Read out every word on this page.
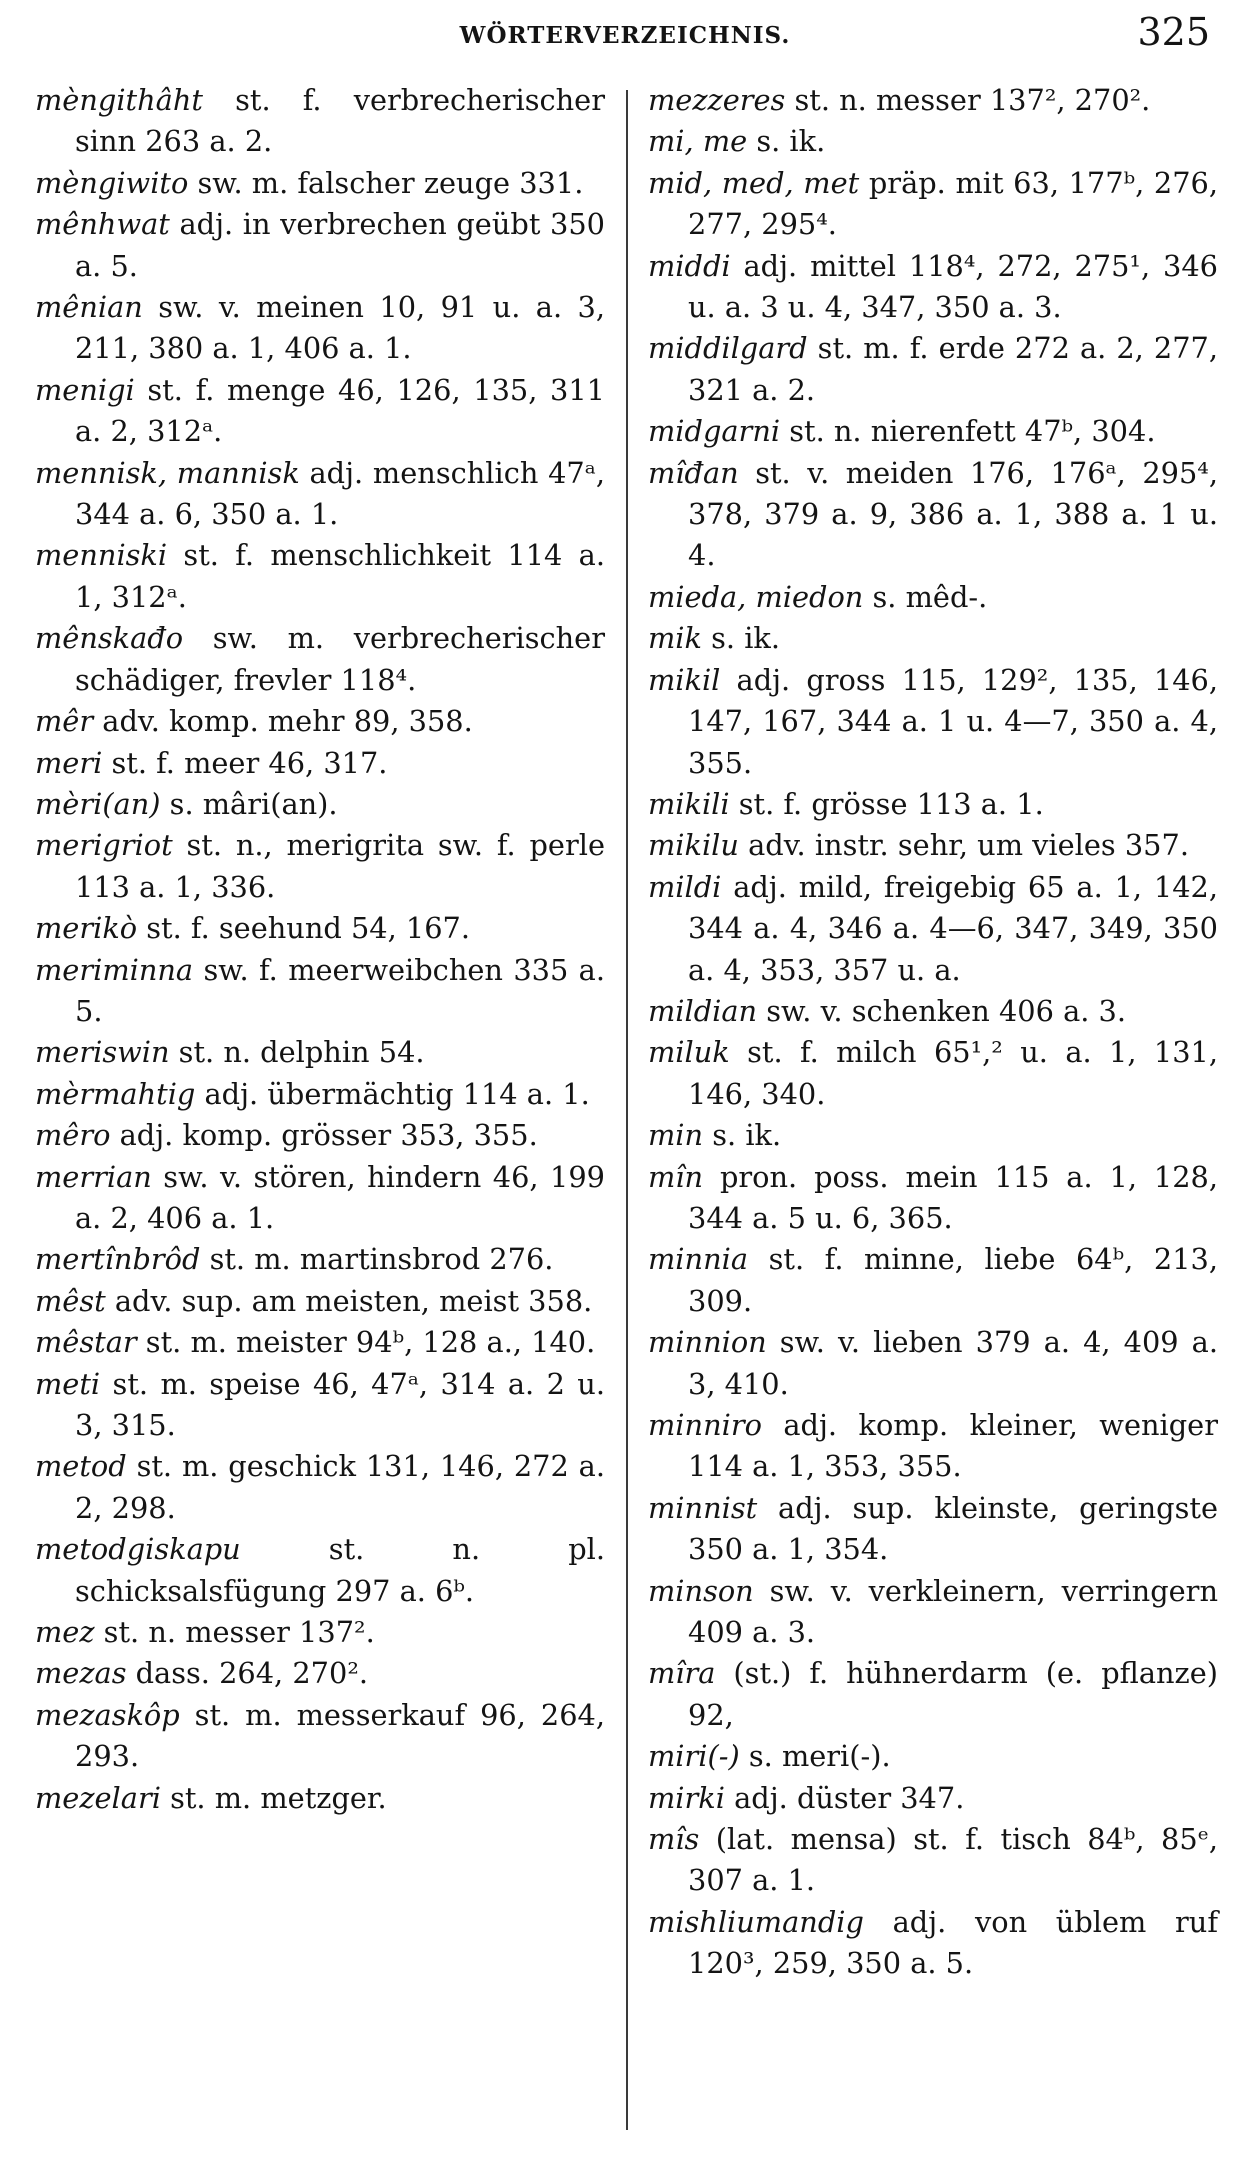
WÖRTERVERZEICHNIS.	325

mèngithâht st. f. verbrecherischer sinn 263 a. 2.

mèngiwito sw. m. falscher zeuge 331.

mênhwat adj. in verbrechen geübt 350 a. 5.

mênian sw. v. meinen 10, 91 u. a. 3, 211, 380 a. 1, 406 a. 1.

menigi st. f. menge 46, 126, 135, 311 a. 2, 312ᵃ.

mennisk, mannisk adj. menschlich 47ᵃ, 344 a. 6, 350 a. 1.

menniski st. f. menschlichkeit 114 a. 1, 312ᵃ.

mênskađo sw. m. verbrecherischer schädiger, frevler 118⁴.

mêr adv. komp. mehr 89, 358.

meri st. f. meer 46, 317.

mèri(an) s. mâri(an).

merigriot st. n., merigrita sw. f. perle 113 a. 1, 336.

merikò st. f. seehund 54, 167.

meriminna sw. f. meerweibchen 335 a. 5.

meriswin st. n. delphin 54.

mèrmahtig adj. übermächtig 114 a. 1.

mêro adj. komp. grösser 353, 355.

merrian sw. v. stören, hindern 46, 199 a. 2, 406 a. 1.

mertînbrôd st. m. martinsbrod 276.

mêst adv. sup. am meisten, meist 358.

mêstar st. m. meister 94ᵇ, 128 a., 140.

meti st. m. speise 46, 47ᵃ, 314 a. 2 u. 3, 315.

metod st. m. geschick 131, 146, 272 a. 2, 298.

metodgiskapu st. n. pl. schicksalsfügung 297 a. 6ᵇ.

mez st. n. messer 137².

mezas dass. 264, 270².

mezaskôp st. m. messerkauf 96, 264, 293.

mezelari st. m. metzger.

mezzeres st. n. messer 137², 270².

mi, me s. ik.

mid, med, met präp. mit 63, 177ᵇ, 276, 277, 295⁴.

middi adj. mittel 118⁴, 272, 275¹, 346 u. a. 3 u. 4, 347, 350 a. 3.

middilgard st. m. f. erde 272 a. 2, 277, 321 a. 2.

midgarni st. n. nierenfett 47ᵇ, 304.

mîđan st. v. meiden 176, 176ᵃ, 295⁴, 378, 379 a. 9, 386 a. 1, 388 a. 1 u. 4.

mieda, miedon s. mêd-.

mik s. ik.

mikil adj. gross 115, 129², 135, 146, 147, 167, 344 a. 1 u. 4—7, 350 a. 4, 355.

mikili st. f. grösse 113 a. 1.

mikilu adv. instr. sehr, um vieles 357.

mildi adj. mild, freigebig 65 a. 1, 142, 344 a. 4, 346 a. 4—6, 347, 349, 350 a. 4, 353, 357 u. a.

mildian sw. v. schenken 406 a. 3.

miluk st. f. milch 65¹,² u. a. 1, 131, 146, 340.

min s. ik.

mîn pron. poss. mein 115 a. 1, 128, 344 a. 5 u. 6, 365.

minnia st. f. minne, liebe 64ᵇ, 213, 309.

minnion sw. v. lieben 379 a. 4, 409 a. 3, 410.

minniro adj. komp. kleiner, weniger 114 a. 1, 353, 355.

minnist adj. sup. kleinste, geringste 350 a. 1, 354.

minson sw. v. verkleinern, verringern 409 a. 3.

mîra (st.) f. hühnerdarm (e. pflanze) 92,

miri(-) s. meri(-).

mirki adj. düster 347.

mîs (lat. mensa) st. f. tisch 84ᵇ, 85ᵉ, 307 a. 1.

mishliumandig adj. von üblem ruf 120³, 259, 350 a. 5.
